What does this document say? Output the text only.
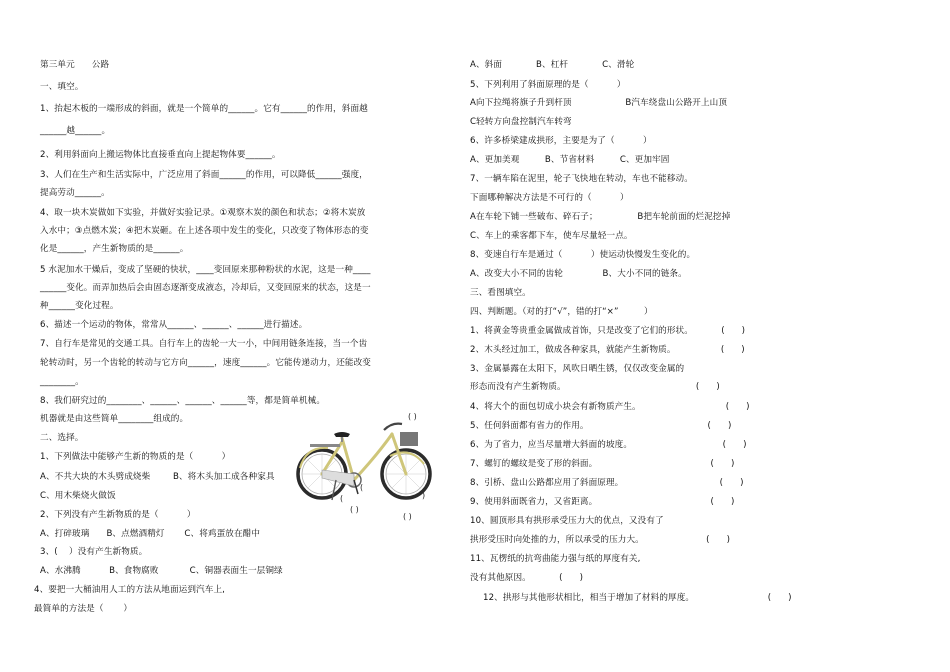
第三单元      公路
一、填空。
1、抬起木板的一端形成的斜面，就是一个简单的______。它有______的作用，斜面越
______越______。
2、利用斜面向上搬运物体比直接垂直向上提起物体要______。
3、人们在生产和生活实际中，广泛应用了斜面______的作用，可以降低______强度，
提高劳动______。
4、取一块木炭做如下实验，并做好实验记录。①观察木炭的颜色和状态；②将木炭放
入水中；③点燃木炭；④把木炭砸。在上述各项中发生的变化，只改变了物体形态的变
化是______，产生新物质的是______。
5 水泥加水干燥后，变成了坚硬的快状，____变回原来那种粉状的水泥，这是一种____
______变化。而弄加热后会由固态逐渐变成液态，冷却后，又变回原来的状态，这是一
种______变化过程。
6、描述一个运动的物体，常常从______、______、______进行描述。
7、自行车是常见的交通工具。自行车上的齿轮一大一小，中间用链条连接，当一个齿
轮转动时，另一个齿轮的转动与它方向______，速度______。它能传递动力，还能改变
________。
8、我们研究过的________、______、______、______等，都是简单机械。
机器就是由这些简单________组成的。
二、选择。
1、下列做法中能够产生新的物质的是（          ）
A、不共大块的木头劈成烧柴        B、将木头加工成各种家具
C、用木柴烧火做饭
2、下列没有产生新物质的是（          ）
A、打碎玻璃      B、点燃酒精灯       C、将鸡蛋放在醋中
3、(    ）没有产生新物质。
A、水沸腾          B、食物腐败           C、铜器表面生一层铜绿
4、要把一大桶油用人工的方法从地面运到汽车上,
最简单的方法是（       ）
( )
(
( )
(
( )
)
A、斜面            B、杠杆            C、滑轮
5、下列利用了斜面原理的是（          ）
A向下拉绳将旗子升到杆顶                   B汽车绕盘山公路开上山顶
C轻转方向盘控制汽车转弯
6、许多桥梁建成拱形，主要是为了（          ）
A、更加美观         B、节省材料         C、更加牢固
7、一辆车陷在泥里，轮子飞快地在转动，车也不能移动。
下面哪种解决方法是不可行的（          ）
A在车轮下铺一些破布、碎石子；              B把车轮前面的烂泥挖掉
C、车上的乘客都下车，使车尽量轻一点。
8、变速自行车是通过（          ）使运动快慢发生变化的。
A、改变大小不同的齿轮              B、大小不同的链条。
三、看图填空。
四、判断题。（对的打“√”，错的打“×”         ）
1、将黄金等贵重金属做成首饰，只是改变了它们的形状。          (      )
2、木头经过加工，做成各种家具，就能产生新物质。                (      )
3、金属暴露在太阳下，风吹日晒生锈，仅仅改变金属的
形态而没有产生新物质。                                              (      )
4、将大个的面包切成小块会有新物质产生。                              (      )
5、任何斜面都有省力的作用。                                          (      )
6、为了省力，应当尽量增大斜面的坡度。                                (      )
7、螺钉的螺纹是变了形的斜面。                                        (      )
8、引桥、盘山公路都应用了斜面原理。                                  (      )
9、使用斜面既省力，又省距离。                                        (      )
10、圆顶形具有拱形承受压力大的优点，又没有了
拱形受压时向处推的力，所以承受的压力大。                      (      )
11、瓦楞纸的抗弯曲能力强与纸的厚度有关,
没有其他原因。          (      )
12、拱形与其他形状相比，相当于增加了材料的厚度。                          (      )
